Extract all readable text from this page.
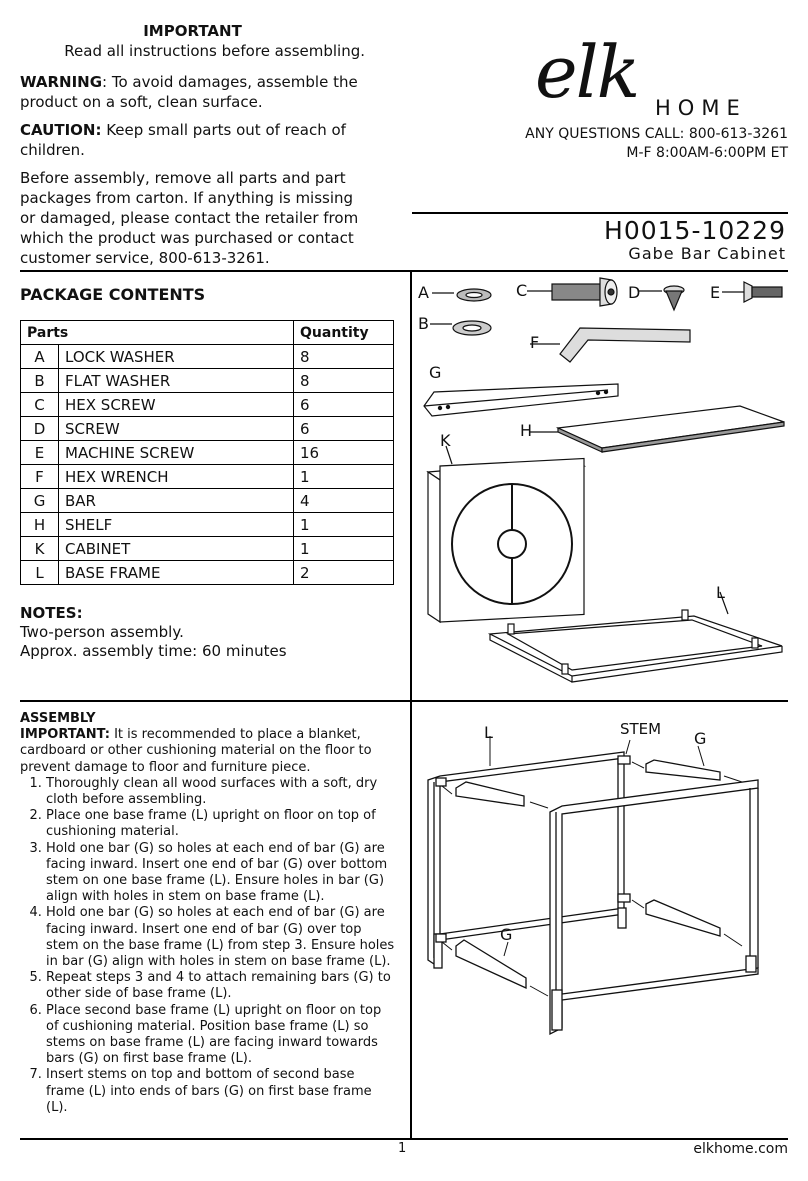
IMPORTANT
Read all instructions before assembling.
WARNING: To avoid damages, assemble the product on a soft, clean surface.
CAUTION: Keep small parts out of reach of children.
Before assembly, remove all parts and part packages from carton. If anything is missing or damaged, please contact the retailer from which the product was purchased or contact customer service, 800-613-3261.
elk HOME
ANY QUESTIONS CALL: 800-613-3261
M-F 8:00AM-6:00PM ET
H0015-10229
Gabe Bar Cabinet
PACKAGE CONTENTS
Parts		Quantity
A	LOCK WASHER	8
B	FLAT WASHER	8
C	HEX SCREW	6
D	SCREW	6
E	MACHINE SCREW	16
F	HEX WRENCH	1
G	BAR	4
H	SHELF	1
K	CABINET	1
L	BASE FRAME	2
NOTES:
Two-person assembly.
Approx. assembly time: 60 minutes
A
B
C	D	E
F
G
H
K
L
ASSEMBLY
IMPORTANT: It is recommended to place a blanket, cardboard or other cushioning material on the floor to prevent damage to floor and furniture piece.
1. Thoroughly clean all wood surfaces with a soft, dry cloth before assembling.
2. Place one base frame (L) upright on floor on top of cushioning material.
3. Hold one bar (G) so holes at each end of bar (G) are facing inward. Insert one end of bar (G) over bottom stem on one base frame (L). Ensure holes in bar (G) align with holes in stem on base frame (L).
4. Hold one bar (G) so holes at each end of bar (G) are facing inward. Insert one end of bar (G) over top stem on the base frame (L) from step 3. Ensure holes in bar (G) align with holes in stem on base frame (L).
5. Repeat steps 3 and 4 to attach remaining bars (G) to other side of base frame (L).
6. Place second base frame (L) upright on floor on top of cushioning material. Position base frame (L) so stems on base frame (L) are facing inward towards bars (G) on first base frame (L).
7. Insert stems on top and bottom of second base frame (L) into ends of bars (G) on first base frame (L).
L	STEM G
G
1	elkhome.com
